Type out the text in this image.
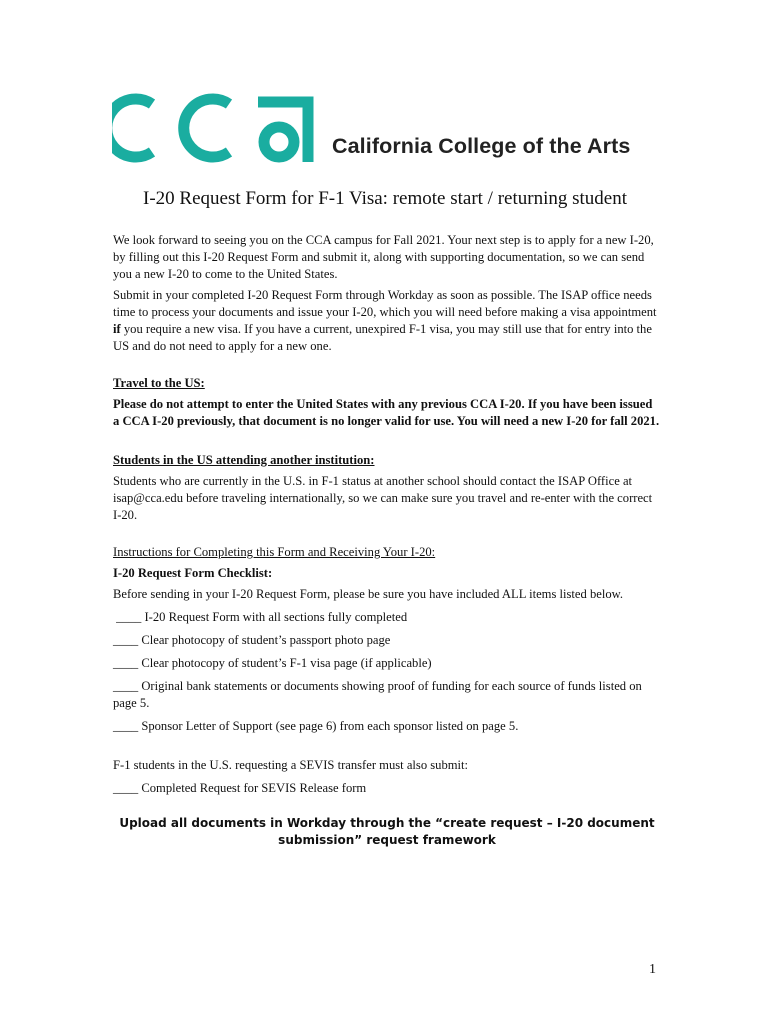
California College of the Arts
I-20 Request Form for F-1 Visa: remote start / returning student

We look forward to seeing you on the CCA campus for Fall 2021. Your next step is to apply for a new I-20, by filling out this I-20 Request Form and submit it, along with supporting documentation, so we can send you a new I-20 to come to the United States.

Submit in your completed I-20 Request Form through Workday as soon as possible. The ISAP office needs time to process your documents and issue your I-20, which you will need before making a visa appointment if you require a new visa. If you have a current, unexpired F-1 visa, you may still use that for entry into the US and do not need to apply for a new one.

Travel to the US:

Please do not attempt to enter the United States with any previous CCA I-20. If you have been issued a CCA I-20 previously, that document is no longer valid for use. You will need a new I-20 for fall 2021.

Students in the US attending another institution:

Students who are currently in the U.S. in F-1 status at another school should contact the ISAP Office at isap@cca.edu before traveling internationally, so we can make sure you travel and re-enter with the correct I-20.

Instructions for Completing this Form and Receiving Your I-20:

I-20 Request Form Checklist:

Before sending in your I-20 Request Form, please be sure you have included ALL items listed below.

____ I-20 Request Form with all sections fully completed

____ Clear photocopy of student’s passport photo page

____ Clear photocopy of student’s F-1 visa page (if applicable)

____ Original bank statements or documents showing proof of funding for each source of funds listed on page 5.

____ Sponsor Letter of Support (see page 6) from each sponsor listed on page 5.

F-1 students in the U.S. requesting a SEVIS transfer must also submit:

____ Completed Request for SEVIS Release form

Upload all documents in Workday through the “create request – I-20 document

submission” request framework

1
